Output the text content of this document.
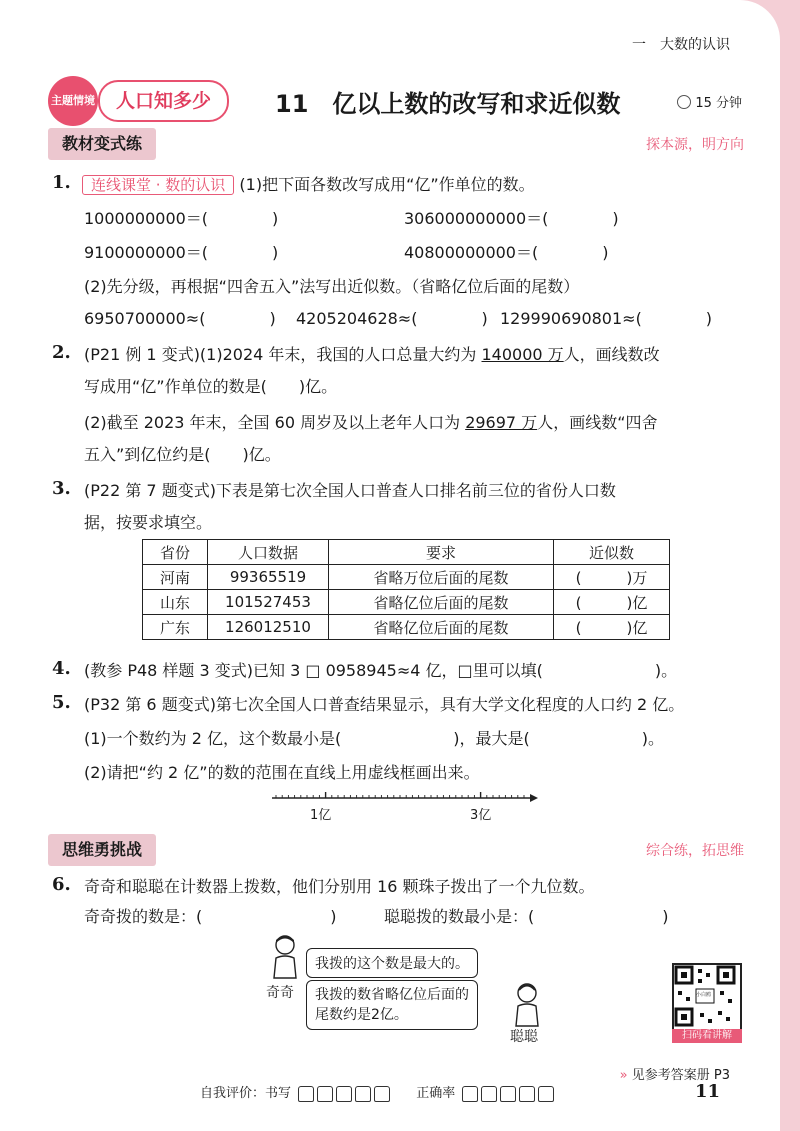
一　大数的认识
主题情境	人口知多少	11 亿以上数的改写和求近似数	15 分钟
教材变式练	探本源，明方向
1.	连线课堂 · 数的认识 (1)把下面各数改写成用“亿”作单位的数。
1000000000＝(　　　　)	306000000000＝(　　　　)
9100000000＝(　　　　)	40800000000＝(　　　　)
(2)先分级，再根据“四舍五入”法写出近似数。（省略亿位后面的尾数）
6950700000≈(　　　　) 4205204628≈(　　　　) 129990690801≈(　　　　)
2. (P21 例 1 变式)(1)2024 年末，我国的人口总量大约为 140000 万人，画线数改
写成用“亿”作单位的数是(　　)亿。
(2)截至 2023 年末，全国 60 周岁及以上老年人口为 29697 万人，画线数“四舍
五入”到亿位约是(　　)亿。
3. (P22 第 7 题变式)下表是第七次全国人口普查人口排名前三位的省份人口数
据，按要求填空。
省份	人口数据	要求	近似数
河南	99365519	省略万位后面的尾数	(　　　)万
山东	101527453	省略亿位后面的尾数	(　　　)亿
广东	126012510	省略亿位后面的尾数	(　　　)亿
4. (教参 P48 样题 3 变式)已知 3 □ 0958945≈4 亿，□里可以填(　　　　　　　)。
5. (P32 第 6 题变式)第七次全国人口普查结果显示，具有大学文化程度的人口约 2 亿。
(1)一个数约为 2 亿，这个数最小是(　　　　　　　)，最大是(　　　　　　　)。
(2)请把“约 2 亿”的数的范围在直线上用虚线框画出来。
1亿	3亿
思维勇挑战	综合练，拓思维
6. 奇奇和聪聪在计数器上拨数，他们分别用 16 颗珠子拨出了一个九位数。
奇奇拨的数是：(　　　　　　　　)	聪聪拨的数最小是：(　　　　　　　　)
奇奇
我拨的这个数是最大的。
我拨的数省略亿位后面的
尾数约是2亿。
聪聪
小白鸥
扫码看讲解
» 见参考答案册 P3
自我评价：书写	正确率	11
